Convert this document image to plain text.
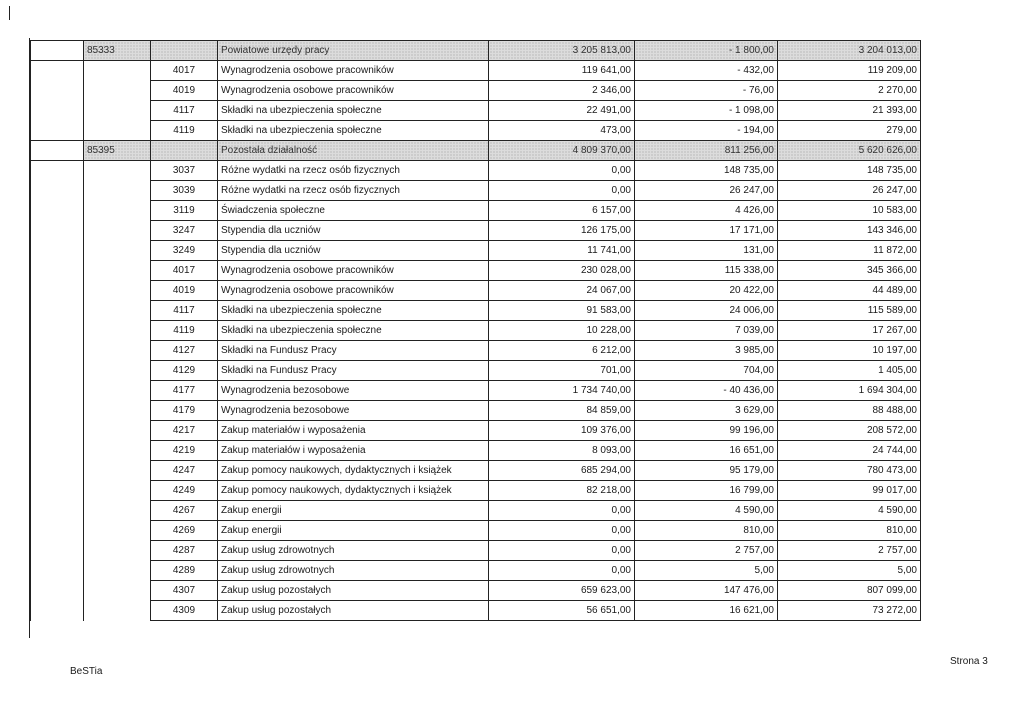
	85333		Powiatowe urzędy pracy	3 205 813,00	- 1 800,00	3 204 013,00
		4017	Wynagrodzenia osobowe pracowników	119 641,00	- 432,00	119 209,00
		4019	Wynagrodzenia osobowe pracowników	2 346,00	- 76,00	2 270,00
		4117	Składki na ubezpieczenia społeczne	22 491,00	- 1 098,00	21 393,00
		4119	Składki na ubezpieczenia społeczne	473,00	- 194,00	279,00
	85395		Pozostała działalność	4 809 370,00	811 256,00	5 620 626,00
		3037	Różne wydatki na rzecz osób fizycznych	0,00	148 735,00	148 735,00
		3039	Różne wydatki na rzecz osób fizycznych	0,00	26 247,00	26 247,00
		3119	Świadczenia społeczne	6 157,00	4 426,00	10 583,00
		3247	Stypendia dla uczniów	126 175,00	17 171,00	143 346,00
		3249	Stypendia dla uczniów	11 741,00	131,00	11 872,00
		4017	Wynagrodzenia osobowe pracowników	230 028,00	115 338,00	345 366,00
		4019	Wynagrodzenia osobowe pracowników	24 067,00	20 422,00	44 489,00
		4117	Składki na ubezpieczenia społeczne	91 583,00	24 006,00	115 589,00
		4119	Składki na ubezpieczenia społeczne	10 228,00	7 039,00	17 267,00
		4127	Składki na Fundusz Pracy	6 212,00	3 985,00	10 197,00
		4129	Składki na Fundusz Pracy	701,00	704,00	1 405,00
		4177	Wynagrodzenia bezosobowe	1 734 740,00	- 40 436,00	1 694 304,00
		4179	Wynagrodzenia bezosobowe	84 859,00	3 629,00	88 488,00
		4217	Zakup materiałów i wyposażenia	109 376,00	99 196,00	208 572,00
		4219	Zakup materiałów i wyposażenia	8 093,00	16 651,00	24 744,00
		4247	Zakup pomocy naukowych, dydaktycznych i książek	685 294,00	95 179,00	780 473,00
		4249	Zakup pomocy naukowych, dydaktycznych i książek	82 218,00	16 799,00	99 017,00
		4267	Zakup energii	0,00	4 590,00	4 590,00
		4269	Zakup energii	0,00	810,00	810,00
		4287	Zakup usług zdrowotnych	0,00	2 757,00	2 757,00
		4289	Zakup usług zdrowotnych	0,00	5,00	5,00
		4307	Zakup usług pozostałych	659 623,00	147 476,00	807 099,00
		4309	Zakup usług pozostałych	56 651,00	16 621,00	73 272,00
BeSTia
Strona 3
